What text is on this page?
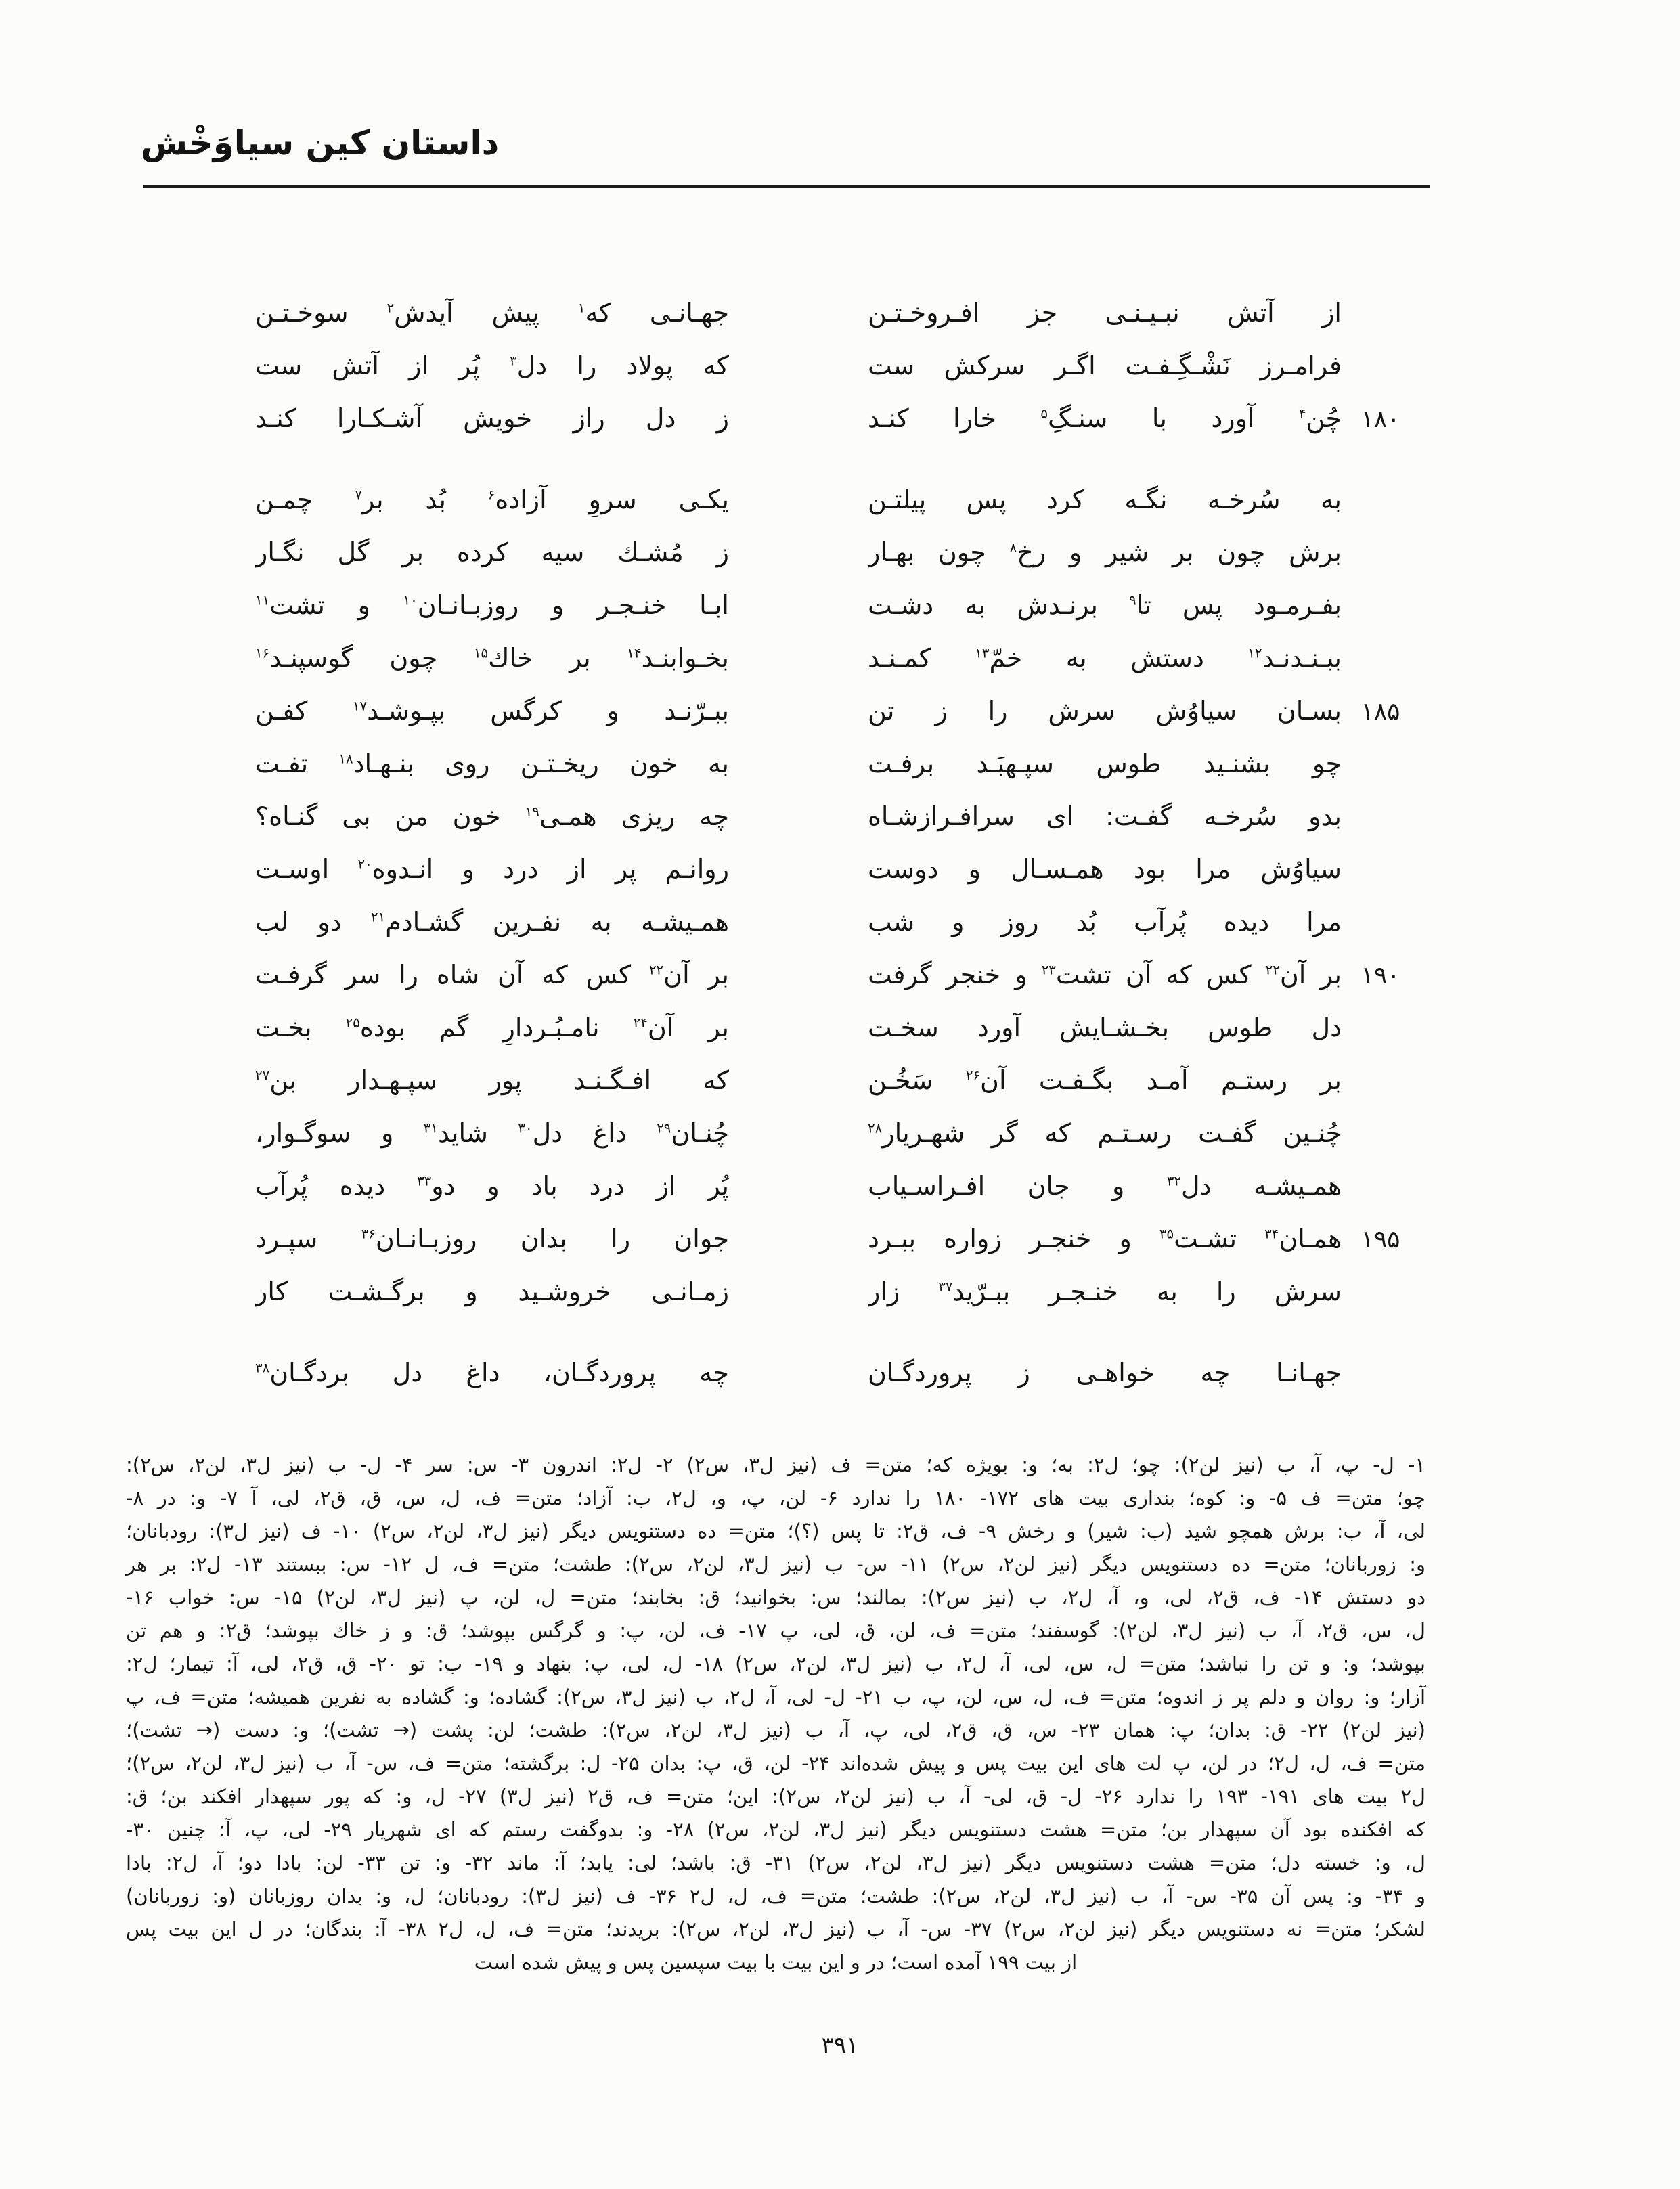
داستان كين سياوَخْش
از آتش نبـيـنـى جز افـروخـتـن
جهـانـى كه$^۱$ پيش آيدش$^۲$ سوخـتـن
فرامـرز نَشْـگِـفـت اگـر سركش ست
كه پولاد را دل$^۳$ پُر از آتش ست
۱۸۰
چُن$^۴$ آورد با سنـگِ$^۵$ خارا كنـد
ز دل راز خويش آشـكـارا كنـد
به سُرخـه نگـه كرد پس پيلتـن
يكـى سروِ آزاده$^۶$ بُد بر$^۷$ چمـن
برش چون بر شير و رخِ$^۸$ چون بهـار
ز مُشـك سيه كرده بر گل نگـار
بفـرمـود پس تا$^۹$ برنـدش به دشـت
ابـا خنـجـر و روزبـانـان$^{۱۰}$ و تشت$^{۱۱}$
ببـنـدنـد$^{۱۲}$ دستش به خمّ$^{۱۳}$ كمـنـد
بخـوابنـد$^{۱۴}$ بر خاك$^{۱۵}$ چون گوسپنـد$^{۱۶}$
۱۸۵
بسـان سياوُش سرش را ز تن
ببـرّنـد و كرگس بپـوشـد$^{۱۷}$ كفـن
چو بشنـيد طوس سپـهبَـد برفـت
به خون ريخـتـن روى بنـهـاد$^{۱۸}$ تفـت
بدو سُرخـه گفـت: اى سرافـرازشـاه
چه ريزى همـى$^{۱۹}$ خون من بى گنـاه؟
سياوُش مرا بود همـسـال و دوست
روانـم پر از درد و انـدوه$^{۲۰}$ اوسـت
مرا ديده پُرآب بُد روز و شب
همـيشـه به نفـرين گشـادم$^{۲۱}$ دو لب
۱۹۰
بر آن$^{۲۲}$ كس كه آن تشت$^{۲۳}$ و خنجر گرفت
بر آن$^{۲۲}$ كس كه آن شاه را سر گرفـت
دل طوس بخـشـايش آورد سخـت
بر آن$^{۲۴}$ نامـبُـردارِ گم بوده$^{۲۵}$ بخـت
بر رستـم آمـد بگـفـت آن$^{۲۶}$ سَخُـن
كه افـگـنـد پور سپـهـدار بن$^{۲۷}$
چُنـين گفـت رسـتـم كه گر شهـريار$^{۲۸}$
چُنـان$^{۲۹}$ داغ دل$^{۳۰}$ شايد$^{۳۱}$ و سوگـوار،
همـيشـه دل$^{۳۲}$ و جان افـراسـياب
پُر از درد باد و دو$^{۳۳}$ ديده پُرآب
۱۹۵
همـان$^{۳۴}$ تشـت$^{۳۵}$ و خنجـر زواره ببـرد
جوان را بدان روزبـانـان$^{۳۶}$ سپـرد
سرش را به خنـجـر ببـرّيد$^{۳۷}$ زار
زمـانـى خروشـيد و برگـشـت كار
جهـانـا چه خواهـى ز پروردگـان
چه پروردگـان، داغ دل بردگـان$^{۳۸}$
۱- ل- پ، آ، ب (نيز لن۲): چو؛ ل۲: به؛ و: بويژه كه؛ متن= ف (نيز ل۳، س۲) ۲- ل۲: اندرون ۳- س: سر ۴- ل- ب (نيز ل۳، لن۲، س۲):
چو؛ متن= ف ۵- و: كوه؛ بنداری بيت های ۱۷۲- ۱۸۰ را ندارد ۶- لن، پ، و، ل۲، ب: آزاد؛ متن= ف، ل، س، ق، ق۲، لى، آ ۷- و: در ۸-
لى، آ، ب: برش همچو شيد (ب: شير) و رخش ۹- ف، ق۲: تا پس (؟)؛ متن= ده دستنويس ديگر (نيز ل۳، لن۲، س۲) ۱۰- ف (نيز ل۳): رودبانان؛
و: زوربانان؛ متن= ده دستنويس ديگر (نيز لن۲، س۲) ۱۱- س- ب (نيز ل۳، لن۲، س۲): طشت؛ متن= ف، ل ۱۲- س: ببستند ۱۳- ل۲: بر هر
دو دستش ۱۴- ف، ق۲، لى، و، آ، ل۲، ب (نيز س۲): بمالند؛ س: بخوانيد؛ ق: بخابند؛ متن= ل، لن، پ (نيز ل۳، لن۲) ۱۵- س: خواب ۱۶-
ل، س، ق۲، آ، ب (نيز ل۳، لن۲): گوسفند؛ متن= ف، لن، ق، لى، پ ۱۷- ف، لن، پ: و گرگس بپوشد؛ ق: و ز خاك بپوشد؛ ق۲: و هم تن
بپوشد؛ و: و تن را نباشد؛ متن= ل، س، لى، آ، ل۲، ب (نيز ل۳، لن۲، س۲) ۱۸- ل، لى، پ: بنهاد و ۱۹- ب: تو ۲۰- ق، ق۲، لى، آ: تيمار؛ ل۲:
آزار؛ و: روان و دلم پر ز اندوه؛ متن= ف، ل، س، لن، پ، ب ۲۱- ل- لى، آ، ل۲، ب (نيز ل۳، س۲): گشاده؛ و: گشاده به نفرين هميشه؛ متن= ف، پ
(نيز لن۲) ۲۲- ق: بدان؛ پ: همان ۲۳- س، ق، ق۲، لى، پ، آ، ب (نيز ل۳، لن۲، س۲): طشت؛ لن: پشت (→ تشت)؛ و: دست (→ تشت)؛
متن= ف، ل، ل۲؛ در لن، پ لت های اين بيت پس و پيش شده‌اند ۲۴- لن، ق، پ: بدان ۲۵- ل: برگشته؛ متن= ف، س- آ، ب (نيز ل۳، لن۲، س۲)؛
ل۲ بيت های ۱۹۱- ۱۹۳ را ندارد ۲۶- ل- ق، لى- آ، ب (نيز لن۲، س۲): اين؛ متن= ف، ق۲ (نيز ل۳) ۲۷- ل، و: كه پور سپهدار افكند بن؛ ق:
كه افكنده بود آن سپهدار بن؛ متن= هشت دستنويس ديگر (نيز ل۳، لن۲، س۲) ۲۸- و: بدوگفت رستم كه اى شهريار ۲۹- لى، پ، آ: چنين ۳۰-
ل، و: خسته دل؛ متن= هشت دستنويس ديگر (نيز ل۳، لن۲، س۲) ۳۱- ق: باشد؛ لى: يابد؛ آ: ماند ۳۲- و: تن ۳۳- لن: بادا دو؛ آ، ل۲: بادا
و ۳۴- و: پس آن ۳۵- س- آ، ب (نيز ل۳، لن۲، س۲): طشت؛ متن= ف، ل، ل۲ ۳۶- ف (نيز ل۳): رودبانان؛ ل، و: بدان روزبانان (و: زوربانان)
لشكر؛ متن= نه دستنويس ديگر (نيز لن۲، س۲) ۳۷- س- آ، ب (نيز ل۳، لن۲، س۲): بريدند؛ متن= ف، ل، ل۲ ۳۸- آ: بندگان؛ در ل اين بيت پس
از بيت ۱۹۹ آمده است؛ در و اين بيت با بيت سپسين پس و پيش شده است
۳۹۱
